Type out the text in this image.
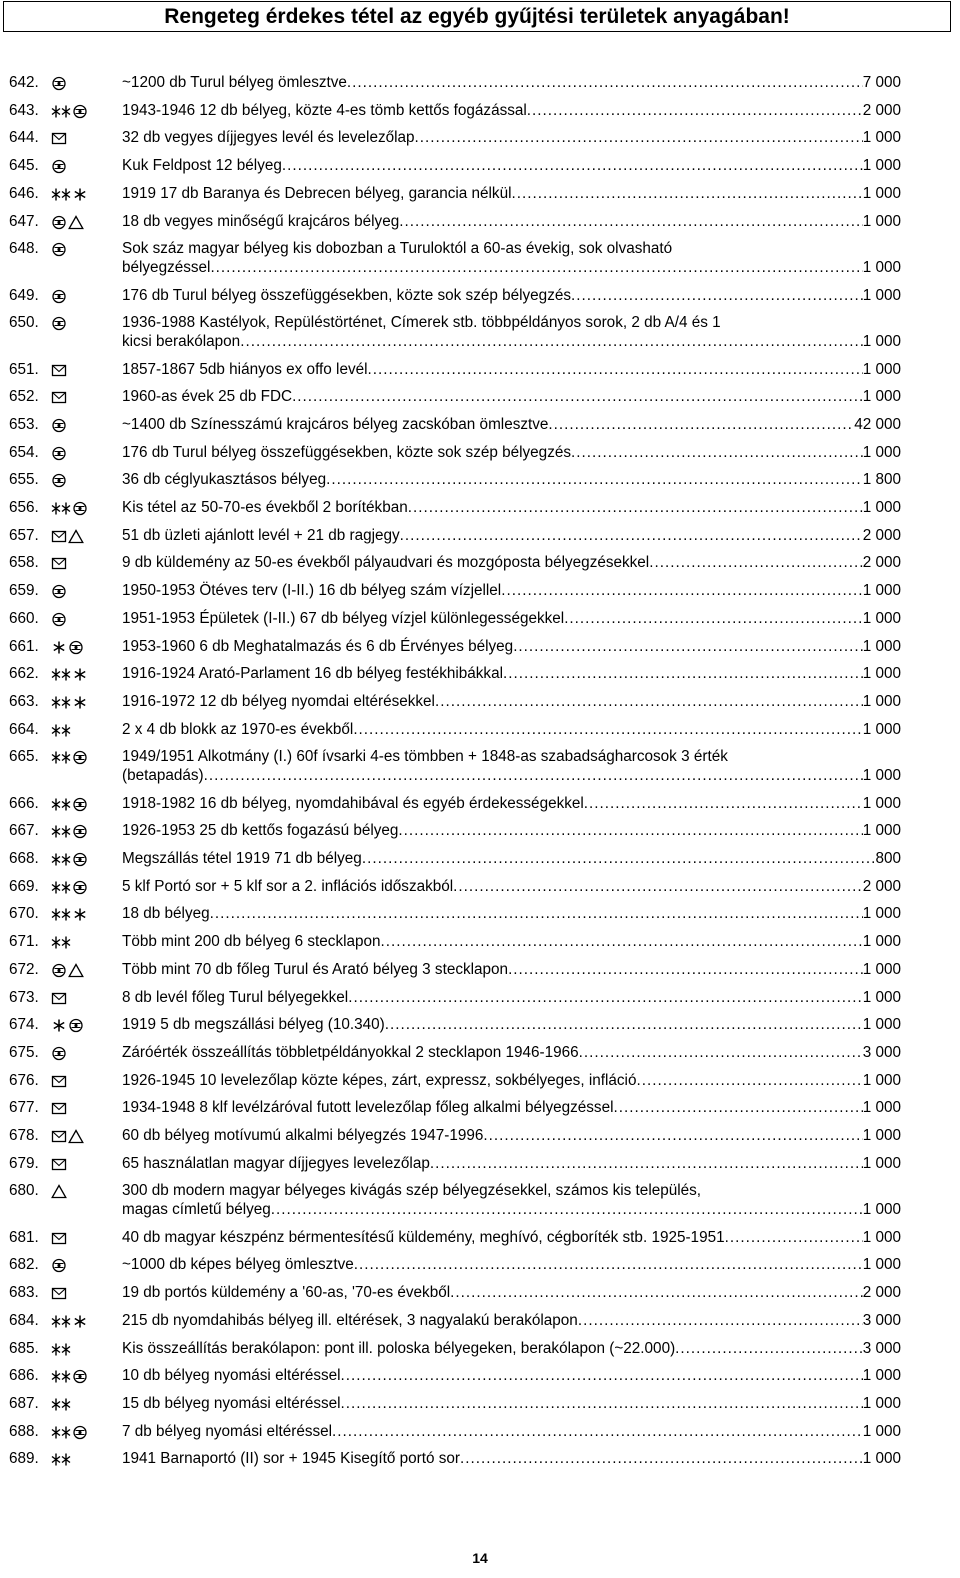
Rengeteg érdekes tétel az egyéb gyűjtési területek anyagában!
642.	~1200 db Turul bélyeg ömlesztve .....	7 000
643.	1943-1946 12 db bélyeg, közte 4-es tömb kettős fogázással .....	2 000
644.	32 db vegyes díjjegyes levél és levelezőlap .....	1 000
645.	Kuk Feldpost 12 bélyeg .....	1 000
646.	1919 17 db Baranya és Debrecen bélyeg, garancia nélkül .....	1 000
647.	18 db vegyes minőségű krajcáros bélyeg .....	1 000
648.	Sok száz magyar bélyeg kis dobozban a Turuloktól a 60-as évekig, sok olvasható
bélyegzéssel .....	1 000
649.	176 db Turul bélyeg összefüggésekben, közte sok szép bélyegzés .....	1 000
650.	1936-1988 Kastélyok, Repüléstörténet, Címerek stb. többpéldányos sorok, 2 db A/4 és 1
kicsi berakólapon .....	1 000
651.	1857-1867 5db hiányos ex offo levél .....	1 000
652.	1960-as évek 25 db FDC .....	1 000
653.	~1400 db Színesszámú krajcáros bélyeg zacskóban ömlesztve .....	42 000
654.	176 db Turul bélyeg összefüggésekben, közte sok szép bélyegzés .....	1 000
655.	36 db céglyukasztásos bélyeg .....	1 800
656.	Kis tétel az 50-70-es évekből 2 borítékban .....	1 000
657.	51 db üzleti ajánlott levél + 21 db ragjegy .....	2 000
658.	9 db küldemény az 50-es évekből pályaudvari és mozgóposta bélyegzésekkel .....	2 000
659.	1950-1953 Ötéves terv (I-II.) 16 db bélyeg szám vízjellel .....	1 000
660.	1951-1953 Épületek (I-II.) 67 db bélyeg vízjel különlegességekkel .....	1 000
661.	1953-1960 6 db Meghatalmazás és 6 db Érvényes bélyeg .....	1 000
662.	1916-1924 Arató-Parlament 16 db bélyeg festékhibákkal .....	1 000
663.	1916-1972 12 db bélyeg nyomdai eltérésekkel .....	1 000
664.	2 x 4 db blokk az 1970-es évekből .....	1 000
665.	1949/1951 Alkotmány (I.) 60f ívsarki 4-es tömbben + 1848-as szabadságharcosok 3 érték
(betapadás) .....	1 000
666.	1918-1982 16 db bélyeg, nyomdahibával és egyéb érdekességekkel .....	1 000
667.	1926-1953 25 db kettős fogazású bélyeg .....	1 000
668.	Megszállás tétel 1919 71 db bélyeg .....	800
669.	5 klf Portó sor + 5 klf sor a 2. inflációs időszakból .....	2 000
670.	18 db bélyeg .....	1 000
671.	Több mint 200 db bélyeg 6 stecklapon .....	1 000
672.	Több mint 70 db főleg Turul és Arató bélyeg 3 stecklapon .....	1 000
673.	8 db levél főleg Turul bélyegekkel .....	1 000
674.	1919 5 db megszállási bélyeg (10.340) .....	1 000
675.	Záróérték összeállítás többletpéldányokkal 2 stecklapon 1946-1966 .....	3 000
676.	1926-1945 10 levelezőlap közte képes, zárt, expressz, sokbélyeges, infláció .....	1 000
677.	1934-1948 8 klf levélzáróval futott levelezőlap főleg alkalmi bélyegzéssel .....	1 000
678.	60 db bélyeg motívumú alkalmi bélyegzés 1947-1996 .....	1 000
679.	65 használatlan magyar díjjegyes levelezőlap .....	1 000
680.	300 db modern magyar bélyeges kivágás szép bélyegzésekkel, számos kis település,
magas címletű bélyeg .....	1 000
681.	40 db magyar készpénz bérmentesítésű küldemény, meghívó, cégboríték stb. 1925-1951 .....	1 000
682.	~1000 db képes bélyeg ömlesztve .....	1 000
683.	19 db portós küldemény a '60-as, '70-es évekből .....	2 000
684.	215 db nyomdahibás bélyeg ill. eltérések, 3 nagyalakú berakólapon .....	3 000
685.	Kis összeállítás berakólapon: pont ill. poloska bélyegeken, berakólapon (~22.000) .....	3 000
686.	10 db bélyeg nyomási eltéréssel .....	1 000
687.	15 db bélyeg nyomási eltéréssel .....	1 000
688.	7 db bélyeg nyomási eltéréssel .....	1 000
689.	1941 Barnaportó (II) sor + 1945 Kisegítő portó sor .....	1 000
14
